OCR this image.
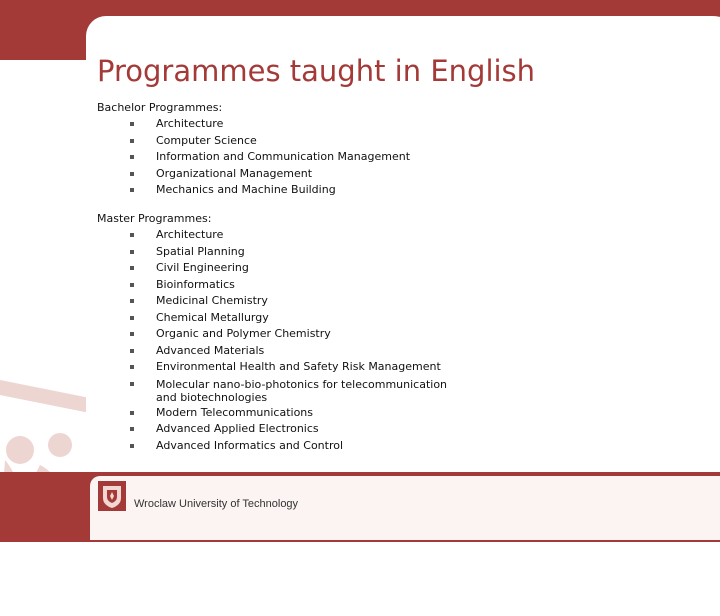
Wroclaw University of Technology
Programmes taught in English
Bachelor Programmes:
Architecture
Computer Science
Information and Communication Management
Organizational Management
Mechanics and Machine Building
Master Programmes:
Architecture
Spatial Planning
Civil Engineering
Bioinformatics
Medicinal Chemistry
Chemical Metallurgy
Organic and Polymer Chemistry
Advanced Materials
Environmental Health and Safety Risk Management
Molecular nano-bio-photonics for telecommunication
and biotechnologies
Modern Telecommunications
Advanced Applied Electronics
Advanced Informatics and Control
